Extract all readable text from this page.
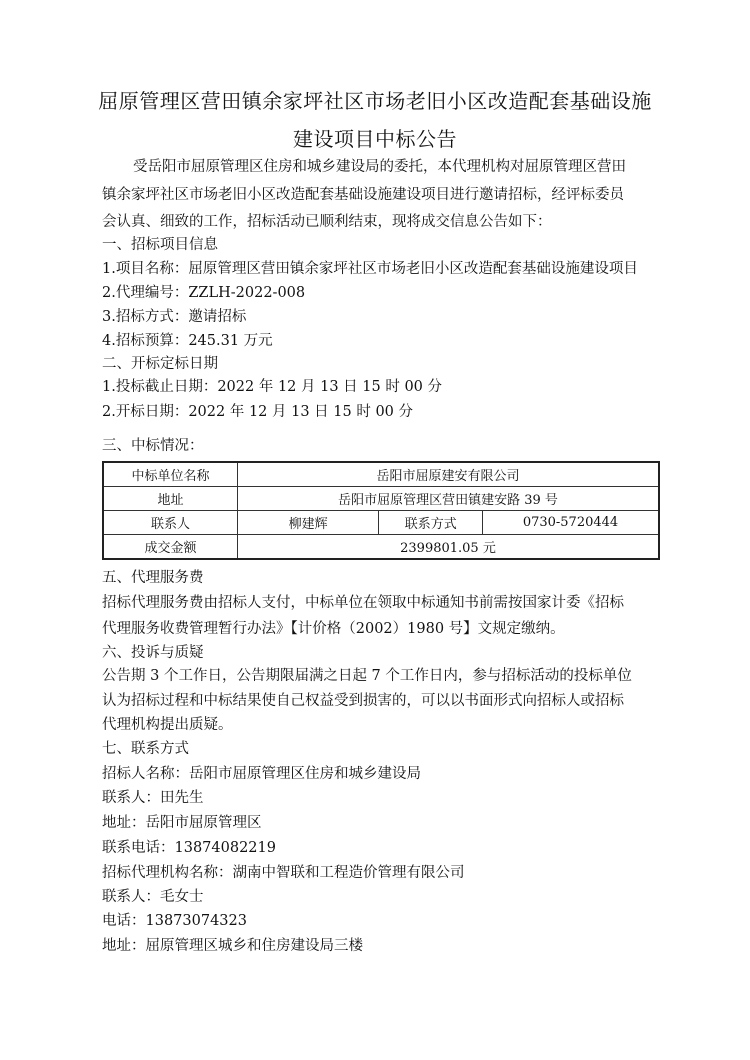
屈原管理区营田镇余家坪社区市场老旧小区改造配套基础设施
建设项目中标公告
受岳阳市屈原管理区住房和城乡建设局的委托，本代理机构对屈原管理区营田
镇余家坪社区市场老旧小区改造配套基础设施建设项目进行邀请招标，经评标委员
会认真、细致的工作，招标活动已顺利结束，现将成交信息公告如下：
一、招标项目信息
1.项目名称：屈原管理区营田镇余家坪社区市场老旧小区改造配套基础设施建设项目
2.代理编号：ZZLH-2022-008
3.招标方式：邀请招标
4.招标预算：245.31 万元
二、开标定标日期
1.投标截止日期：2022 年 12 月 13 日 15 时 00 分
2.开标日期：2022 年 12 月 13 日 15 时 00 分
三、中标情况：
中标单位名称	岳阳市屈原建安有限公司		
地址	岳阳市屈原管理区营田镇建安路 39 号		
联系人	柳建辉	联系方式	0730-5720444
成交金额	2399801.05 元		
五、代理服务费
招标代理服务费由招标人支付，中标单位在领取中标通知书前需按国家计委《招标
代理服务收费管理暂行办法》【计价格（2002）1980 号】文规定缴纳。
六、投诉与质疑
公告期 3 个工作日，公告期限届满之日起 7 个工作日内，参与招标活动的投标单位
认为招标过程和中标结果使自己权益受到损害的，可以以书面形式向招标人或招标
代理机构提出质疑。
七、联系方式
招标人名称：岳阳市屈原管理区住房和城乡建设局
联系人：田先生
地址：岳阳市屈原管理区
联系电话：13874082219
招标代理机构名称：湖南中智联和工程造价管理有限公司
联系人：毛女士
电话：13873074323
地址：屈原管理区城乡和住房建设局三楼
